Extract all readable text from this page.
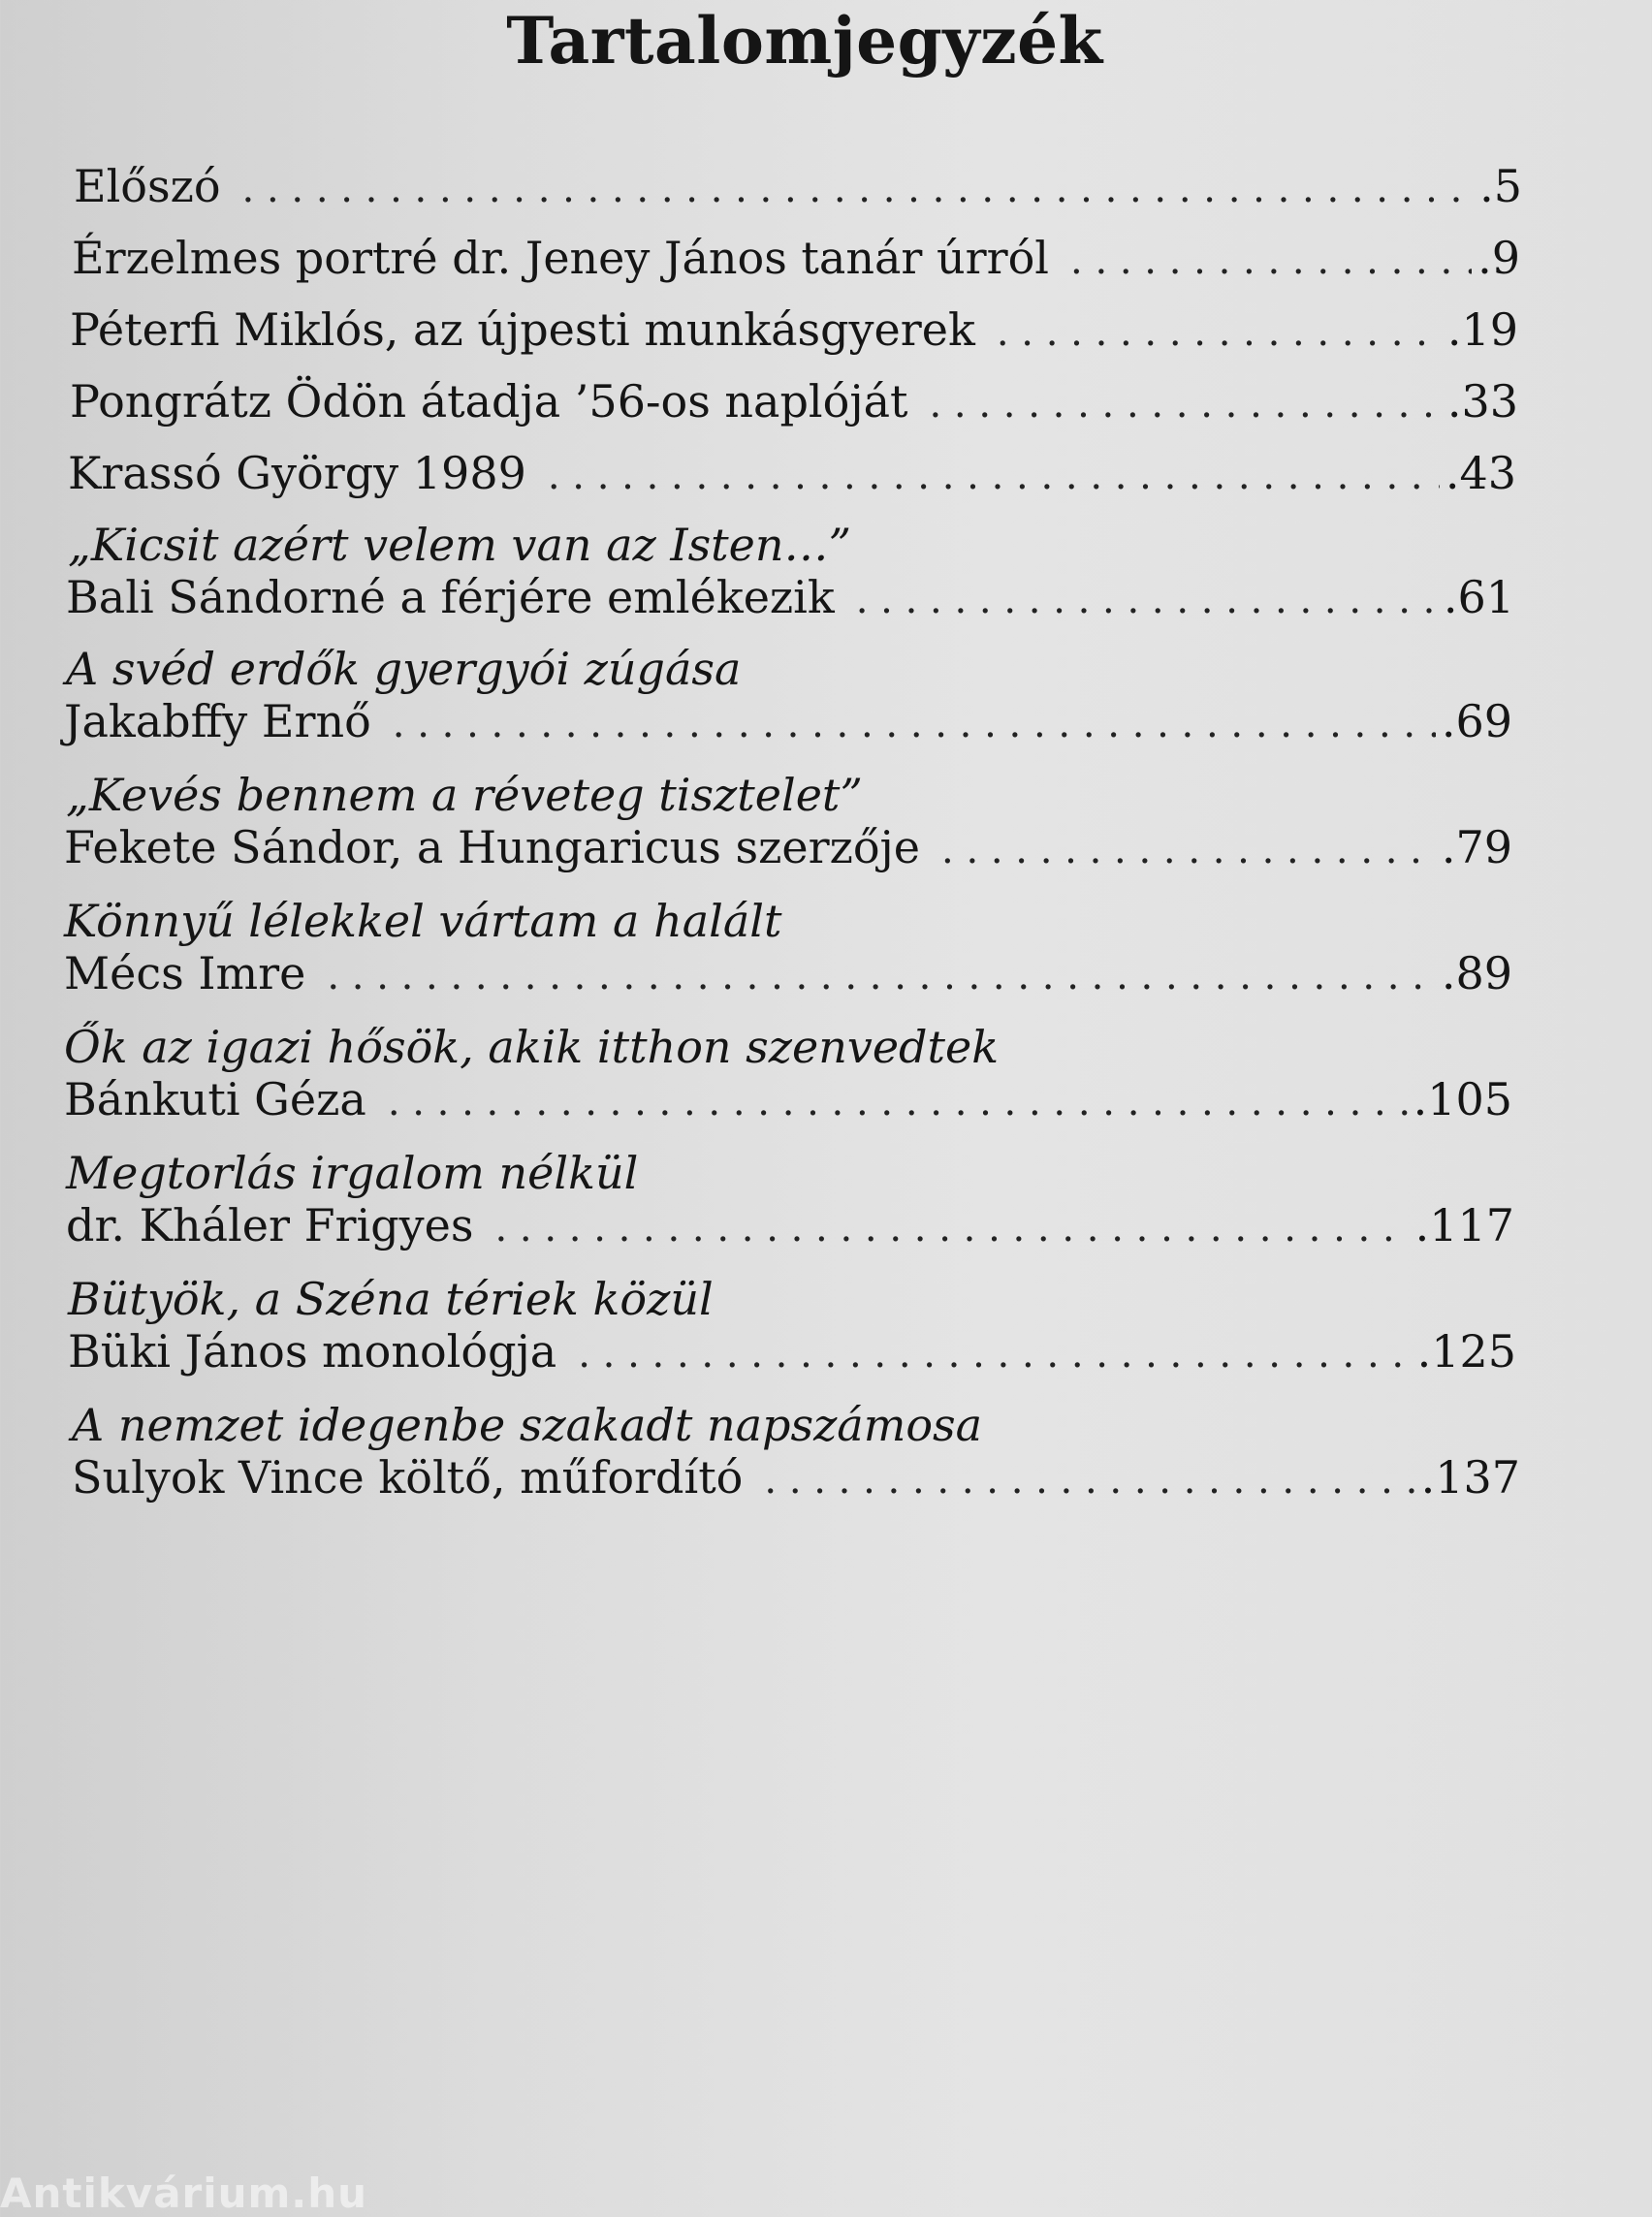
Tartalomjegyzék
Előszó . . .	.5
Érzelmes portré dr. Jeney János tanár úrról . . .	.9
Péterfi Miklós, az újpesti munkásgyerek . . .	.19
Pongrátz Ödön átadja ’56-os naplóját . . .	.33
Krassó György 1989 . . .	.43
„Kicsit azért velem van az Isten…”
Bali Sándorné a férjére emlékezik . . .	.61
A svéd erdők gyergyói zúgása
Jakabffy Ernő . . .	.69
„Kevés bennem a réveteg tisztelet”
Fekete Sándor, a Hungaricus szerzője . . .	.79
Könnyű lélekkel vártam a halált
Mécs Imre . . .	.89
Ők az igazi hősök, akik itthon szenvedtek
Bánkuti Géza . . .	.105
Megtorlás irgalom nélkül
dr. Kháler Frigyes . . .	.117
Bütyök, a Széna tériek közül
Büki János monológja . . .	.125
A nemzet idegenbe szakadt napszámosa
Sulyok Vince költő, műfordító . . .	.137
Antikvárium.hu
